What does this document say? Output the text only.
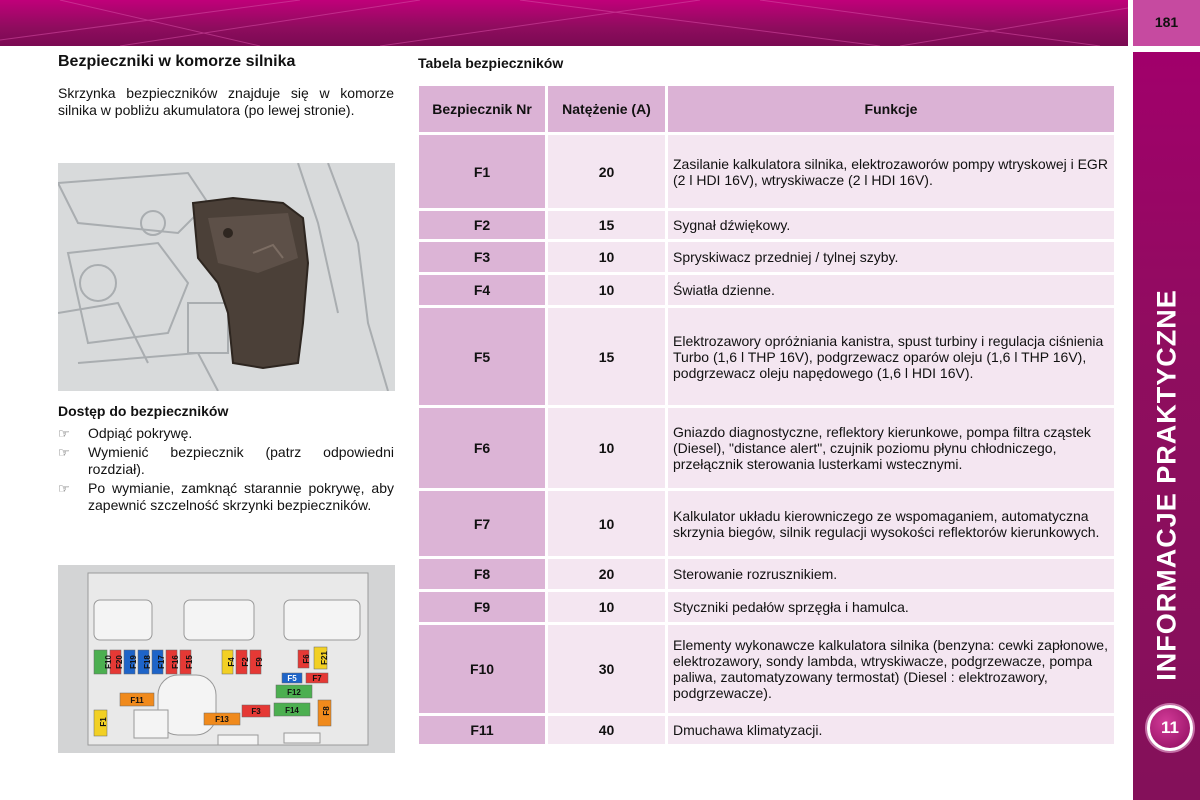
181
INFORMACJE PRAKTYCZNE
11
Bezpieczniki w komorze silnika

Skrzynka bezpieczników znajduje się w komorze silnika w pobliżu akumulatora (po lewej stronie).

Dostęp do bezpieczników
☞ Odpiąć pokrywę.
☞ Wymienić bezpiecznik (patrz odpowiedni rozdział).
☞ Po wymianie, zamknąć starannie pokrywę, aby zapewnić szczelność skrzynki bezpieczników.
F10 F20 F19 F18 F17 F16 F15	F4 F2 F9
F5 F7
F6 F21
F12
F11
F3	F14	F8
F1	F13
Tabela bezpieczników
Bezpiecznik Nr	Natężenie (A)	Funkcje
F1	20	Zasilanie kalkulatora silnika, elektrozaworów pompy wtryskowej i EGR (2 l HDI 16V), wtryskiwacze (2 l HDI 16V).
F2	15	Sygnał dźwiękowy.
F3	10	Spryskiwacz przedniej / tylnej szyby.
F4	10	Światła dzienne.
F5	15	Elektrozawory opróżniania kanistra, spust turbiny i regulacja ciśnienia Turbo (1,6 l THP 16V), podgrzewacz oparów oleju (1,6 l THP 16V), podgrzewacz oleju napędowego (1,6 l HDI 16V).
F6	10	Gniazdo diagnostyczne, reflektory kierunkowe, pompa filtra cząstek (Diesel), "distance alert", czujnik poziomu płynu chłodniczego, przełącznik sterowania lusterkami wstecznymi.
F7	10	Kalkulator układu kierowniczego ze wspomaganiem, automatyczna skrzynia biegów, silnik regulacji wysokości reflektorów kierunkowych.
F8	20	Sterowanie rozrusznikiem.
F9	10	Styczniki pedałów sprzęgła i hamulca.
F10	30	Elementy wykonawcze kalkulatora silnika (benzyna: cewki zapłonowe, elektrozawory, sondy lambda, wtryskiwacze, podgrzewacze, pompa paliwa, zautomatyzowany termostat) (Diesel : elektrozawory, podgrzewacze).
F11	40	Dmuchawa klimatyzacji.
